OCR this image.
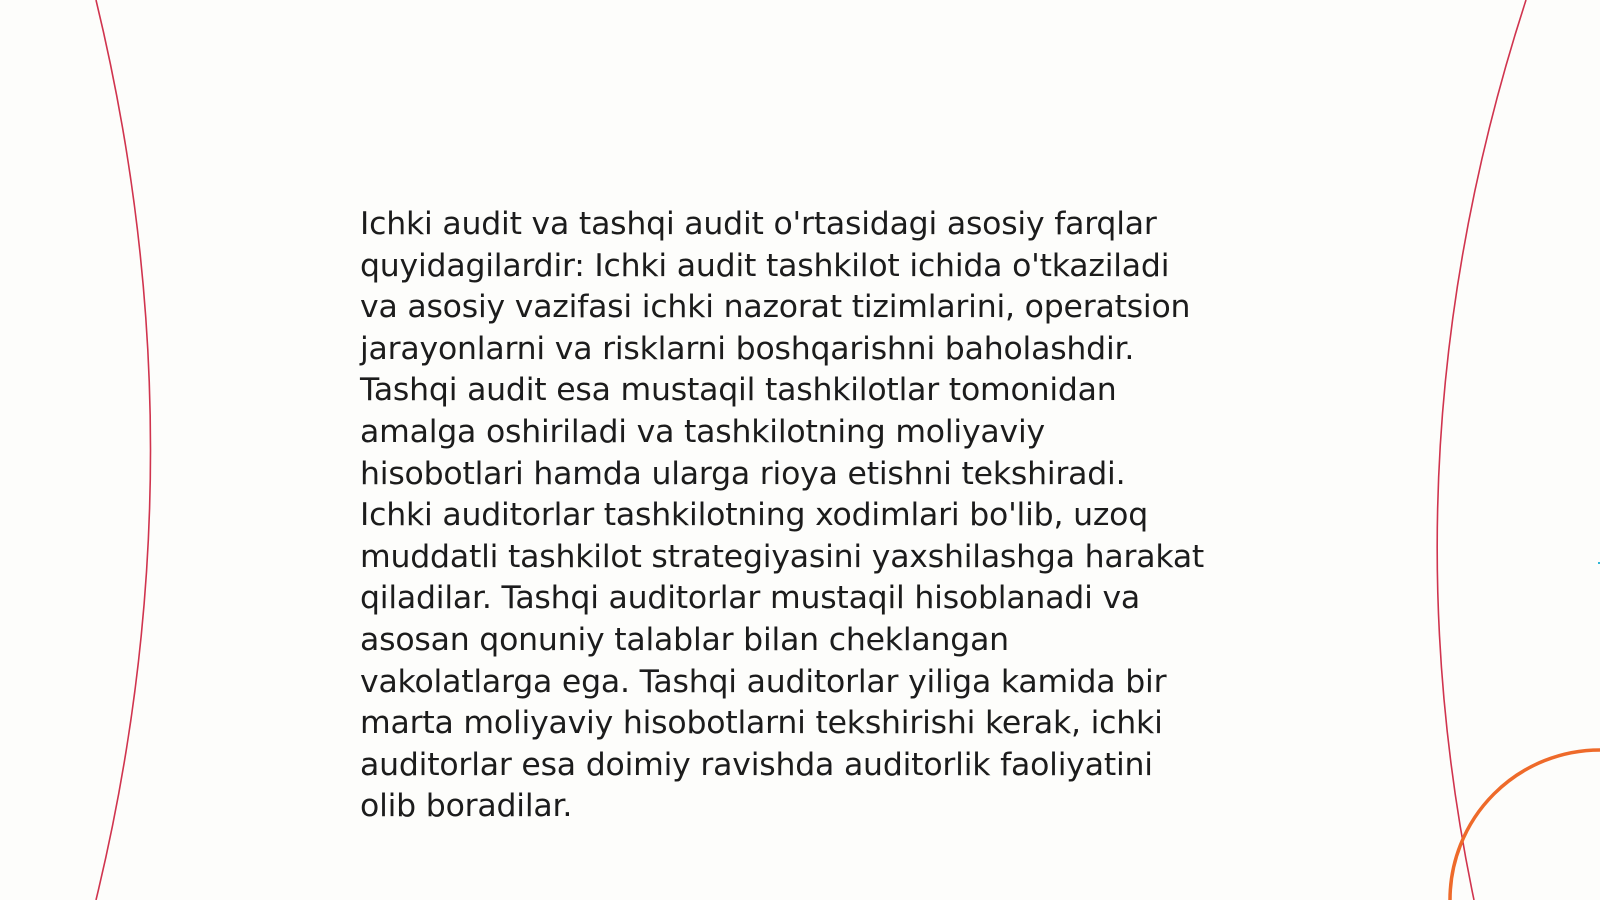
Ichki audit va tashqi audit o'rtasidagi asosiy farqlar
quyidagilardir: Ichki audit tashkilot ichida o'tkaziladi
va asosiy vazifasi ichki nazorat tizimlarini, operatsion
jarayonlarni va risklarni boshqarishni baholashdir.
Tashqi audit esa mustaqil tashkilotlar tomonidan
amalga oshiriladi va tashkilotning moliyaviy
hisobotlari hamda ularga rioya etishni tekshiradi.
Ichki auditorlar tashkilotning xodimlari bo'lib, uzoq
muddatli tashkilot strategiyasini yaxshilashga harakat
qiladilar. Tashqi auditorlar mustaqil hisoblanadi va
asosan qonuniy talablar bilan cheklangan
vakolatlarga ega. Tashqi auditorlar yiliga kamida bir
marta moliyaviy hisobotlarni tekshirishi kerak, ichki
auditorlar esa doimiy ravishda auditorlik faoliyatini
olib boradilar.
